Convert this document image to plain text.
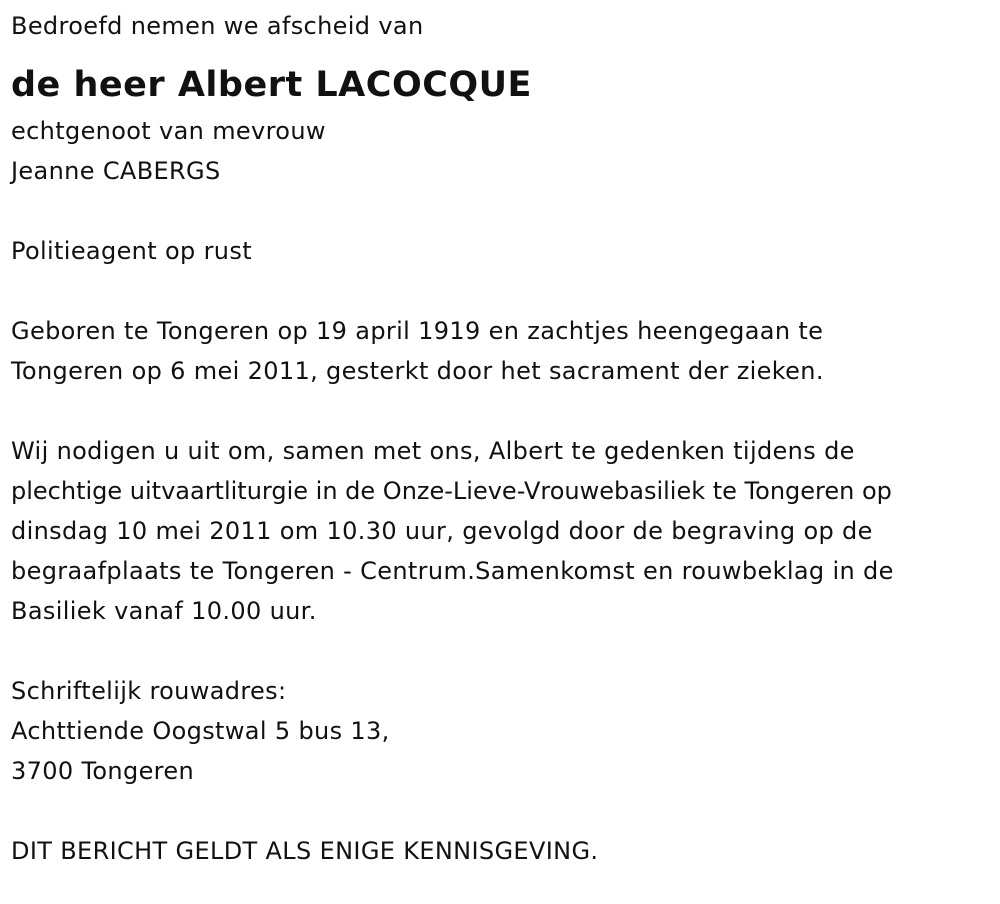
Bedroefd nemen we afscheid van
de heer Albert LACOCQUE
echtgenoot van mevrouw
Jeanne CABERGS
Politieagent op rust
Geboren te Tongeren op 19 april 1919 en zachtjes heengegaan te
Tongeren op 6 mei 2011, gesterkt door het sacrament der zieken.
Wij nodigen u uit om, samen met ons, Albert te gedenken tijdens de
plechtige uitvaartliturgie in de Onze-Lieve-Vrouwebasiliek te Tongeren op
dinsdag 10 mei 2011 om 10.30 uur, gevolgd door de begraving op de
begraafplaats te Tongeren - Centrum.Samenkomst en rouwbeklag in de
Basiliek vanaf 10.00 uur.
Schriftelijk rouwadres:
Achttiende Oogstwal 5 bus 13,
3700 Tongeren
DIT BERICHT GELDT ALS ENIGE KENNISGEVING.
